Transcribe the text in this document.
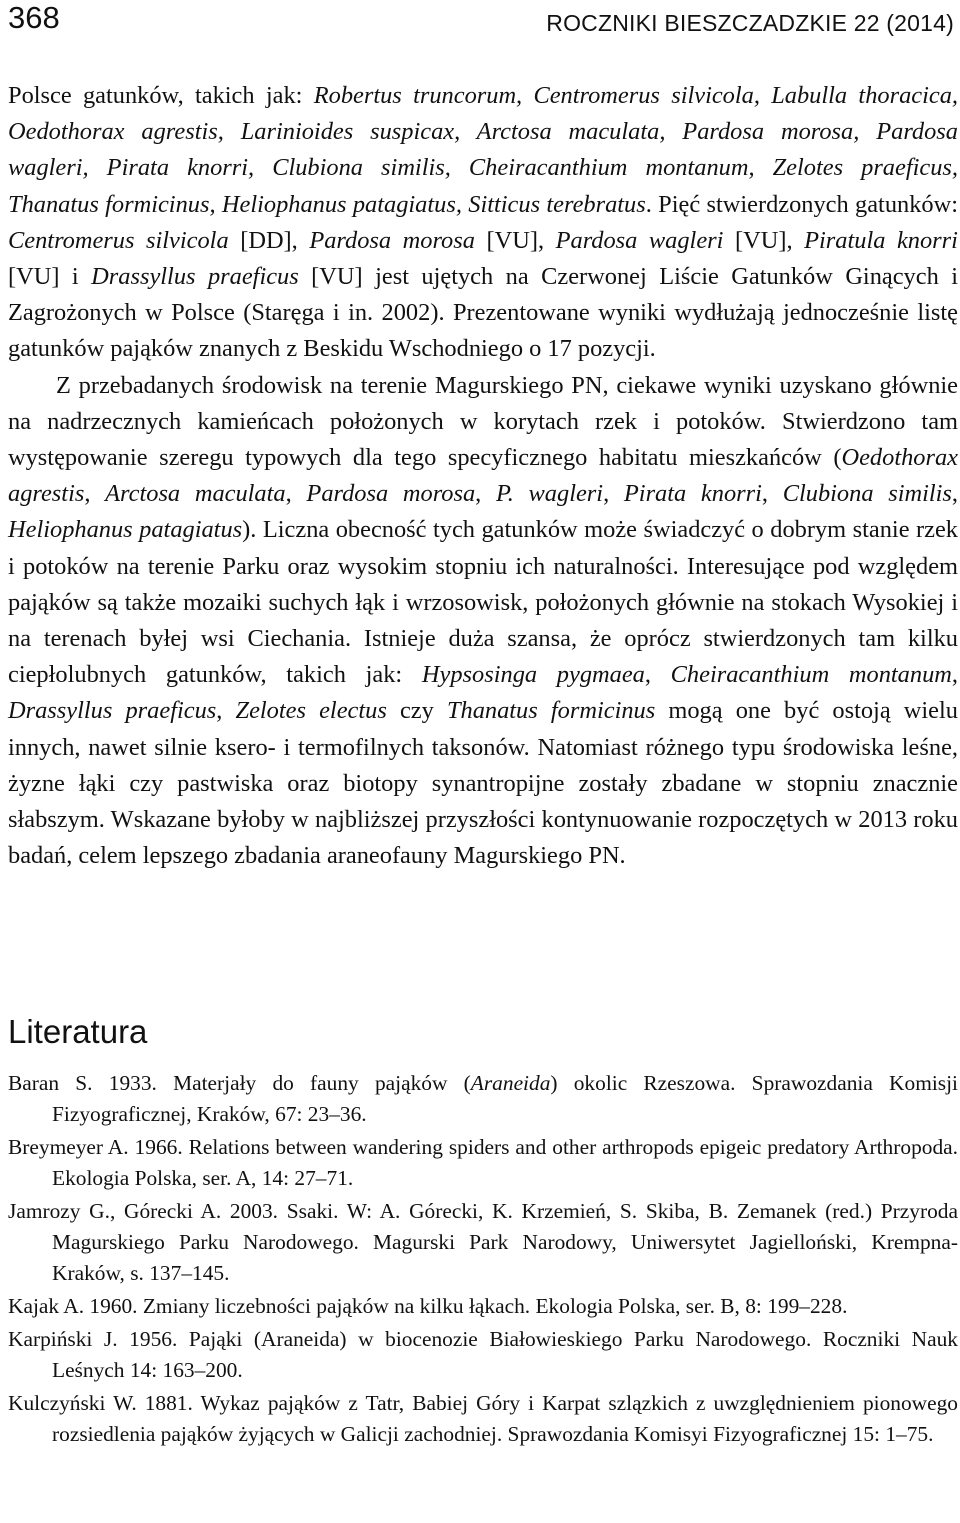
368	ROCZNIKI BIESZCZADZKIE 22 (2014)

Polsce gatunków, takich jak: Robertus truncorum, Centromerus silvicola, Labulla thoracica, Oedothorax agrestis, Larinioides suspicax, Arctosa maculata, Pardosa morosa, Pardosa wagleri, Pirata knorri, Clubiona similis, Cheiracanthium montanum, Zelotes praeficus, Thanatus formicinus, Heliophanus patagiatus, Sitticus terebratus. Pięć stwierdzonych gatunków: Centromerus silvicola [DD], Pardosa morosa [VU], Pardosa wagleri [VU], Piratula knorri [VU] i Drassyllus praeficus [VU] jest ujętych na Czerwonej Liście Gatunków Ginących i Zagrożonych w Polsce (Staręga i in. 2002). Prezentowane wyniki wydłużają jednocześnie listę gatunków pająków znanych z Beskidu Wschodniego o 17 pozycji.

Z przebadanych środowisk na terenie Magurskiego PN, ciekawe wyniki uzyskano głównie na nadrzecznych kamieńcach położonych w korytach rzek i potoków. Stwierdzono tam występowanie szeregu typowych dla tego specyficznego habitatu mieszkańców (Oedothorax agrestis, Arctosa maculata, Pardosa morosa, P. wagleri, Pirata knorri, Clubiona similis, Heliophanus patagiatus). Liczna obecność tych gatunków może świadczyć o dobrym stanie rzek i potoków na terenie Parku oraz wysokim stopniu ich naturalności. Interesujące pod względem pająków są także mozaiki suchych łąk i wrzosowisk, położonych głównie na stokach Wysokiej i na terenach byłej wsi Ciechania. Istnieje duża szansa, że oprócz stwierdzonych tam kilku ciepłolubnych gatunków, takich jak: Hypsosinga pygmaea, Cheiracanthium montanum, Drassyllus praeficus, Zelotes electus czy Thanatus formicinus mogą one być ostoją wielu innych, nawet silnie ksero- i termofilnych taksonów. Natomiast różnego typu środowiska leśne, żyzne łąki czy pastwiska oraz biotopy synantropijne zostały zbadane w stopniu znacznie słabszym. Wskazane byłoby w najbliższej przyszłości kontynuowanie rozpoczętych w 2013 roku badań, celem lepszego zbadania araneofauny Magurskiego PN.

Literatura

Baran S. 1933. Materjały do fauny pająków (Araneida) okolic Rzeszowa. Sprawozdania Komisji Fizyograficznej, Kraków, 67: 23–36.

Breymeyer A. 1966. Relations between wandering spiders and other arthropods epigeic predatory Arthropoda. Ekologia Polska, ser. A, 14: 27–71.

Jamrozy G., Górecki A. 2003. Ssaki. W: A. Górecki, K. Krzemień, S. Skiba, B. Zemanek (red.) Przyroda Magurskiego Parku Narodowego. Magurski Park Narodowy, Uniwersytet Jagielloński, Krempna-Kraków, s. 137–145.

Kajak A. 1960. Zmiany liczebności pająków na kilku łąkach. Ekologia Polska, ser. B, 8: 199–228.

Karpiński J. 1956. Pająki (Araneida) w biocenozie Białowieskiego Parku Narodowego. Roczniki Nauk Leśnych 14: 163–200.

Kulczyński W. 1881. Wykaz pająków z Tatr, Babiej Góry i Karpat szlązkich z uwzględnieniem pionowego rozsiedlenia pająków żyjących w Galicji zachodniej. Sprawozdania Komisyi Fizyograficznej 15: 1–75.
